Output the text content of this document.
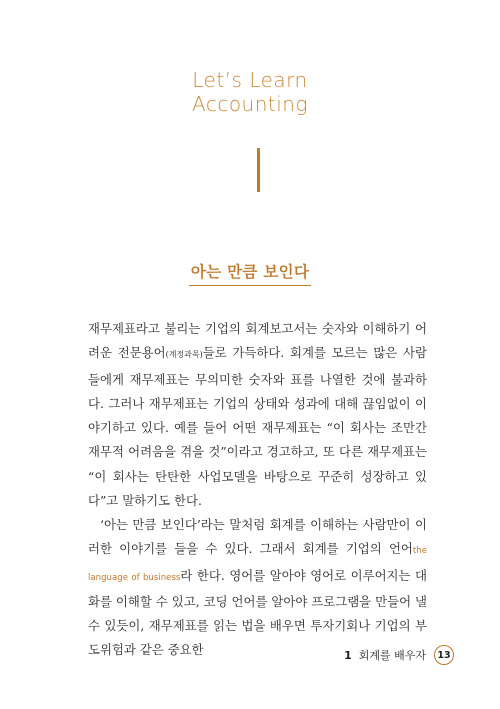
Let’s Learn
Accounting
아는 만큼 보인다

재무제표라고 불리는 기업의 회계보고서는 숫자와 이해하기 어려운 전문용어(계정과목)들로 가득하다. 회계를 모르는 많은 사람들에게 재무제표는 무의미한 숫자와 표를 나열한 것에 불과하다. 그러나 재무제표는 기업의 상태와 성과에 대해 끊임없이 이야기하고 있다. 예를 들어 어떤 재무제표는 “이 회사는 조만간 재무적 어려움을 겪을 것”이라고 경고하고, 또 다른 재무제표는 “이 회사는 탄탄한 사업모델을 바탕으로 꾸준히 성장하고 있다”고 말하기도 한다.

‘아는 만큼 보인다’라는 말처럼 회계를 이해하는 사람만이 이러한 이야기를 들을 수 있다. 그래서 회계를 기업의 언어the language of business라 한다. 영어를 알아야 영어로 이루어지는 대화를 이해할 수 있고, 코딩 언어를 알아야 프로그램을 만들어 낼 수 있듯이, 재무제표를 읽는 법을 배우면 투자기회나 기업의 부도위험과 같은 중요한	1 회계를 배우자 13
